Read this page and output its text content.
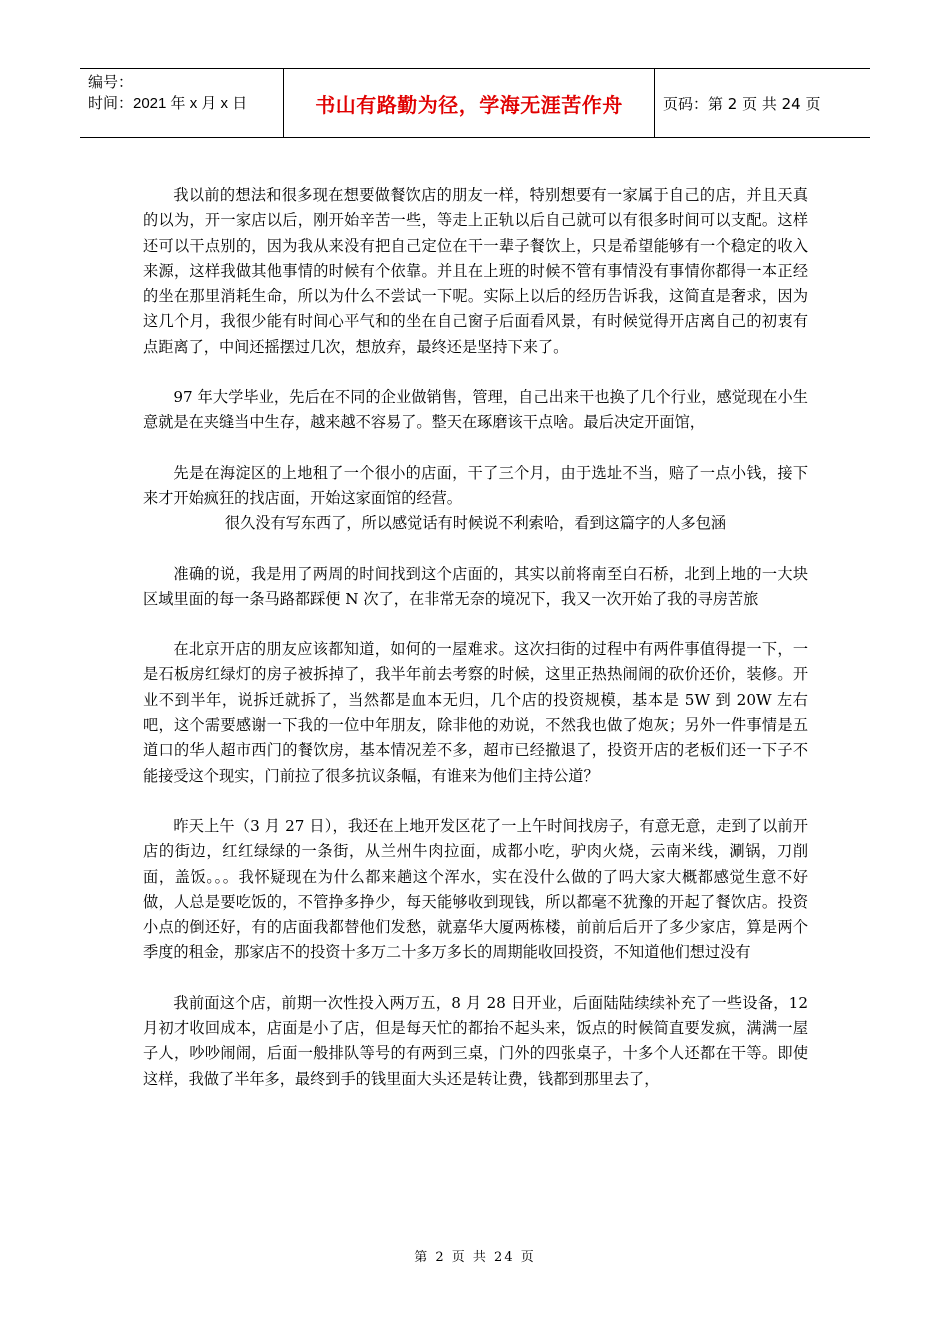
编号：
时间：2021 年 x 月 x 日	书山有路勤为径，学海无涯苦作舟	页码：第 2 页 共 24 页

我以前的想法和很多现在想要做餐饮店的朋友一样，特别想要有一家属于自己的店，并且天真的以为，开一家店以后，刚开始辛苦一些，等走上正轨以后自己就可以有很多时间可以支配。这样还可以干点别的，因为我从来没有把自己定位在干一辈子餐饮上，只是希望能够有一个稳定的收入来源，这样我做其他事情的时候有个依靠。并且在上班的时候不管有事情没有事情你都得一本正经的坐在那里消耗生命，所以为什么不尝试一下呢。实际上以后的经历告诉我，这简直是奢求，因为这几个月，我很少能有时间心平气和的坐在自己窗子后面看风景，有时候觉得开店离自己的初衷有点距离了，中间还摇摆过几次，想放弃，最终还是坚持下来了。

97 年大学毕业，先后在不同的企业做销售，管理，自己出来干也换了几个行业，感觉现在小生意就是在夹缝当中生存，越来越不容易了。整天在琢磨该干点啥。最后决定开面馆，

先是在海淀区的上地租了一个很小的店面，干了三个月，由于选址不当，赔了一点小钱，接下来才开始疯狂的找店面，开始这家面馆的经营。

很久没有写东西了，所以感觉话有时候说不利索哈，看到这篇字的人多包涵

准确的说，我是用了两周的时间找到这个店面的，其实以前将南至白石桥，北到上地的一大块区域里面的每一条马路都踩便 N 次了，在非常无奈的境况下，我又一次开始了我的寻房苦旅

在北京开店的朋友应该都知道，如何的一屋难求。这次扫街的过程中有两件事值得提一下，一是石板房红绿灯的房子被拆掉了，我半年前去考察的时候，这里正热热闹闹的砍价还价，装修。开业不到半年，说拆迁就拆了，当然都是血本无归，几个店的投资规模，基本是 5W 到 20W 左右吧，这个需要感谢一下我的一位中年朋友，除非他的劝说，不然我也做了炮灰；另外一件事情是五道口的华人超市西门的餐饮房，基本情况差不多，超市已经撤退了，投资开店的老板们还一下子不能接受这个现实，门前拉了很多抗议条幅，有谁来为他们主持公道？

昨天上午（3 月 27 日），我还在上地开发区花了一上午时间找房子，有意无意，走到了以前开店的街边，红红绿绿的一条街，从兰州牛肉拉面，成都小吃，驴肉火烧，云南米线，涮锅，刀削面，盖饭。。。我怀疑现在为什么都来趟这个浑水，实在没什么做的了吗大家大概都感觉生意不好做，人总是要吃饭的，不管挣多挣少，每天能够收到现钱，所以都毫不犹豫的开起了餐饮店。投资小点的倒还好，有的店面我都替他们发愁，就嘉华大厦两栋楼，前前后后开了多少家店，算是两个季度的租金，那家店不的投资十多万二十多万多长的周期能收回投资，不知道他们想过没有

我前面这个店，前期一次性投入两万五，8 月 28 日开业，后面陆陆续续补充了一些设备，12 月初才收回成本，店面是小了店，但是每天忙的都抬不起头来，饭点的时候简直要发疯，满满一屋子人，吵吵闹闹，后面一般排队等号的有两到三桌，门外的四张桌子，十多个人还都在干等。即使这样，我做了半年多，最终到手的钱里面大头还是转让费，钱都到那里去了，

第 2 页 共 24 页
